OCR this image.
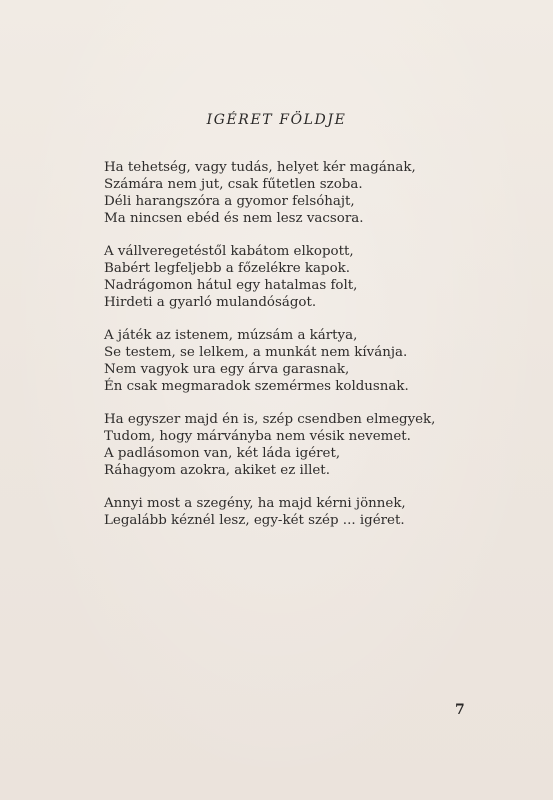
IGÉRET FÖLDJE
Ha tehetség, vagy tudás, helyet kér magának,
Számára nem jut, csak fűtetlen szoba.
Déli harangszóra a gyomor felsóhajt,
Ma nincsen ebéd és nem lesz vacsora.
A vállveregetéstől kabátom elkopott,
Babért legfeljebb a főzelékre kapok.
Nadrágomon hátul egy hatalmas folt,
Hirdeti a gyarló mulandóságot.
A játék az istenem, múzsám a kártya,
Se testem, se lelkem, a munkát nem kívánja.
Nem vagyok ura egy árva garasnak,
Én csak megmaradok szemérmes koldusnak.
Ha egyszer majd én is, szép csendben elmegyek,
Tudom, hogy márványba nem vésik nevemet.
A padlásomon van, két láda igéret,
Ráhagyom azokra, akiket ez illet.
Annyi most a szegény, ha majd kérni jönnek,
Legalább kéznél lesz, egy-két szép ... igéret.
7
